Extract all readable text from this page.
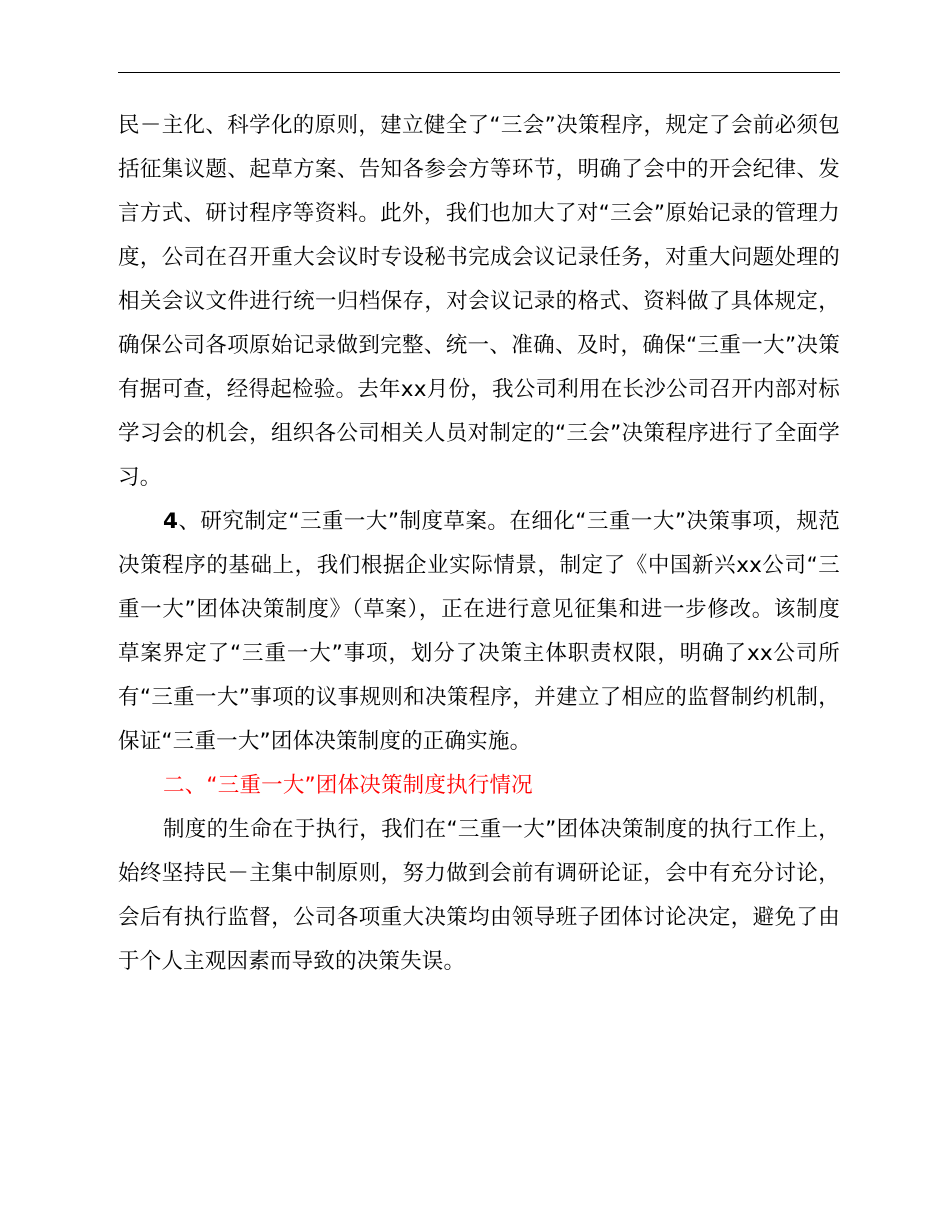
民－主化、科学化的原则，建立健全了“三会”决策程序，规定了会前必须包括征集议题、起草方案、告知各参会方等环节，明确了会中的开会纪律、发言方式、研讨程序等资料。此外，我们也加大了对“三会”原始记录的管理力度，公司在召开重大会议时专设秘书完成会议记录任务，对重大问题处理的相关会议文件进行统一归档保存，对会议记录的格式、资料做了具体规定，确保公司各项原始记录做到完整、统一、准确、及时，确保“三重一大”决策有据可查，经得起检验。去年xx月份，我公司利用在长沙公司召开内部对标学习会的机会，组织各公司相关人员对制定的“三会”决策程序进行了全面学习。

4、研究制定“三重一大”制度草案。在细化“三重一大”决策事项，规范决策程序的基础上，我们根据企业实际情景，制定了《中国新兴xx公司“三重一大”团体决策制度》（草案），正在进行意见征集和进一步修改。该制度草案界定了“三重一大”事项，划分了决策主体职责权限，明确了xx公司所有“三重一大”事项的议事规则和决策程序，并建立了相应的监督制约机制，保证“三重一大”团体决策制度的正确实施。

二、“三重一大”团体决策制度执行情况

制度的生命在于执行，我们在“三重一大”团体决策制度的执行工作上，始终坚持民－主集中制原则，努力做到会前有调研论证，会中有充分讨论，会后有执行监督，公司各项重大决策均由领导班子团体讨论决定，避免了由于个人主观因素而导致的决策失误。
